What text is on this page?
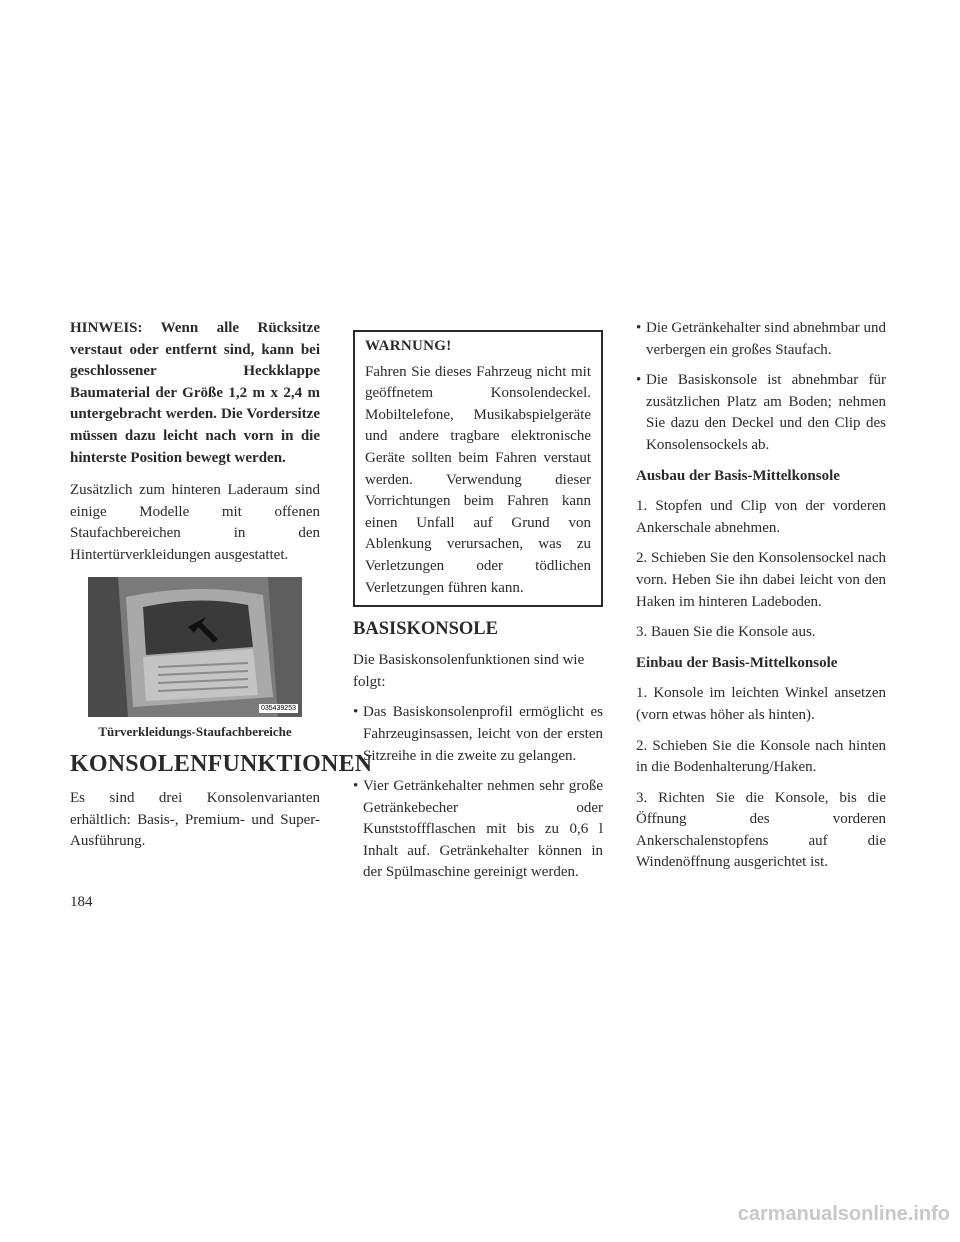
HINWEIS: Wenn alle Rücksitze verstaut oder entfernt sind, kann bei geschlossener Heckklappe Baumaterial der Größe 1,2 m x 2,4 m untergebracht werden. Die Vordersitze müssen dazu leicht nach vorn in die hinterste Position bewegt werden.

Zusätzlich zum hinteren Laderaum sind einige Modelle mit offenen Staufachbereichen in den Hintertürverkleidungen ausgestattet.

035439253
Türverkleidungs-Staufachbereiche
KONSOLENFUNKTIONEN

Es sind drei Konsolenvarianten erhältlich: Basis-, Premium- und Super-Ausführung.

WARNUNG!

Fahren Sie dieses Fahrzeug nicht mit geöffnetem Konsolendeckel. Mobiltelefone, Musikabspielgeräte und andere tragbare elektronische Geräte sollten beim Fahren verstaut werden. Verwendung dieser Vorrichtungen beim Fahren kann einen Unfall auf Grund von Ablenkung verursachen, was zu Verletzungen oder tödlichen Verletzungen führen kann.

BASISKONSOLE

Die Basiskonsolenfunktionen sind wie folgt:

• Das Basiskonsolenprofil ermöglicht es Fahrzeuginsassen, leicht von der ersten Sitzreihe in die zweite zu gelangen.
• Vier Getränkehalter nehmen sehr große Getränkebecher oder Kunststoffflaschen mit bis zu 0,6 l Inhalt auf. Getränkehalter können in der Spülmaschine gereinigt werden.
• Die Getränkehalter sind abnehmbar und verbergen ein großes Staufach.
• Die Basiskonsole ist abnehmbar für zusätzlichen Platz am Boden; nehmen Sie dazu den Deckel und den Clip des Konsolensockels ab.
Ausbau der Basis-Mittelkonsole

1. Stopfen und Clip von der vorderen Ankerschale abnehmen.

2. Schieben Sie den Konsolensockel nach vorn. Heben Sie ihn dabei leicht von den Haken im hinteren Ladeboden.

3. Bauen Sie die Konsole aus.

Einbau der Basis-Mittelkonsole

1. Konsole im leichten Winkel ansetzen (vorn etwas höher als hinten).

2. Schieben Sie die Konsole nach hinten in die Bodenhalterung/Haken.

3. Richten Sie die Konsole, bis die Öffnung des vorderen Ankerschalenstopfens auf die Windenöffnung ausgerichtet ist.

184
carmanualsonline.info
